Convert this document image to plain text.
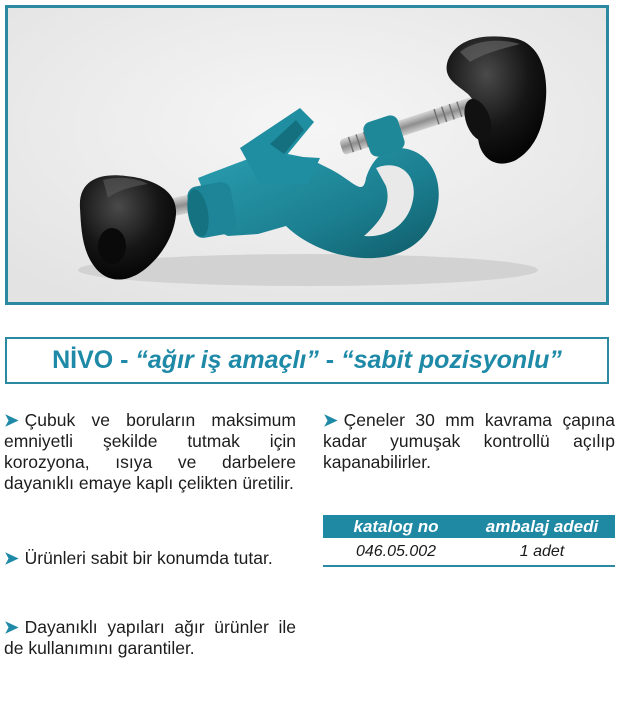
NİVO - “ağır iş amaçlı” - “sabit pozisyonlu”
➤ Çubuk ve boruların maksimum emniyetli şekilde tutmak için korozyona, ısıya ve darbelere dayanıklı emaye kaplı çelikten üretilir.
➤ Ürünleri sabit bir konumda tutar.
➤ Dayanıklı yapıları ağır ürünler ile de kullanımını garantiler.
➤ Çeneler 30 mm kavrama çapına kadar yumuşak kontrollü açılıp kapanabilirler.
katalog no	ambalaj adedi
046.05.002	1 adet
